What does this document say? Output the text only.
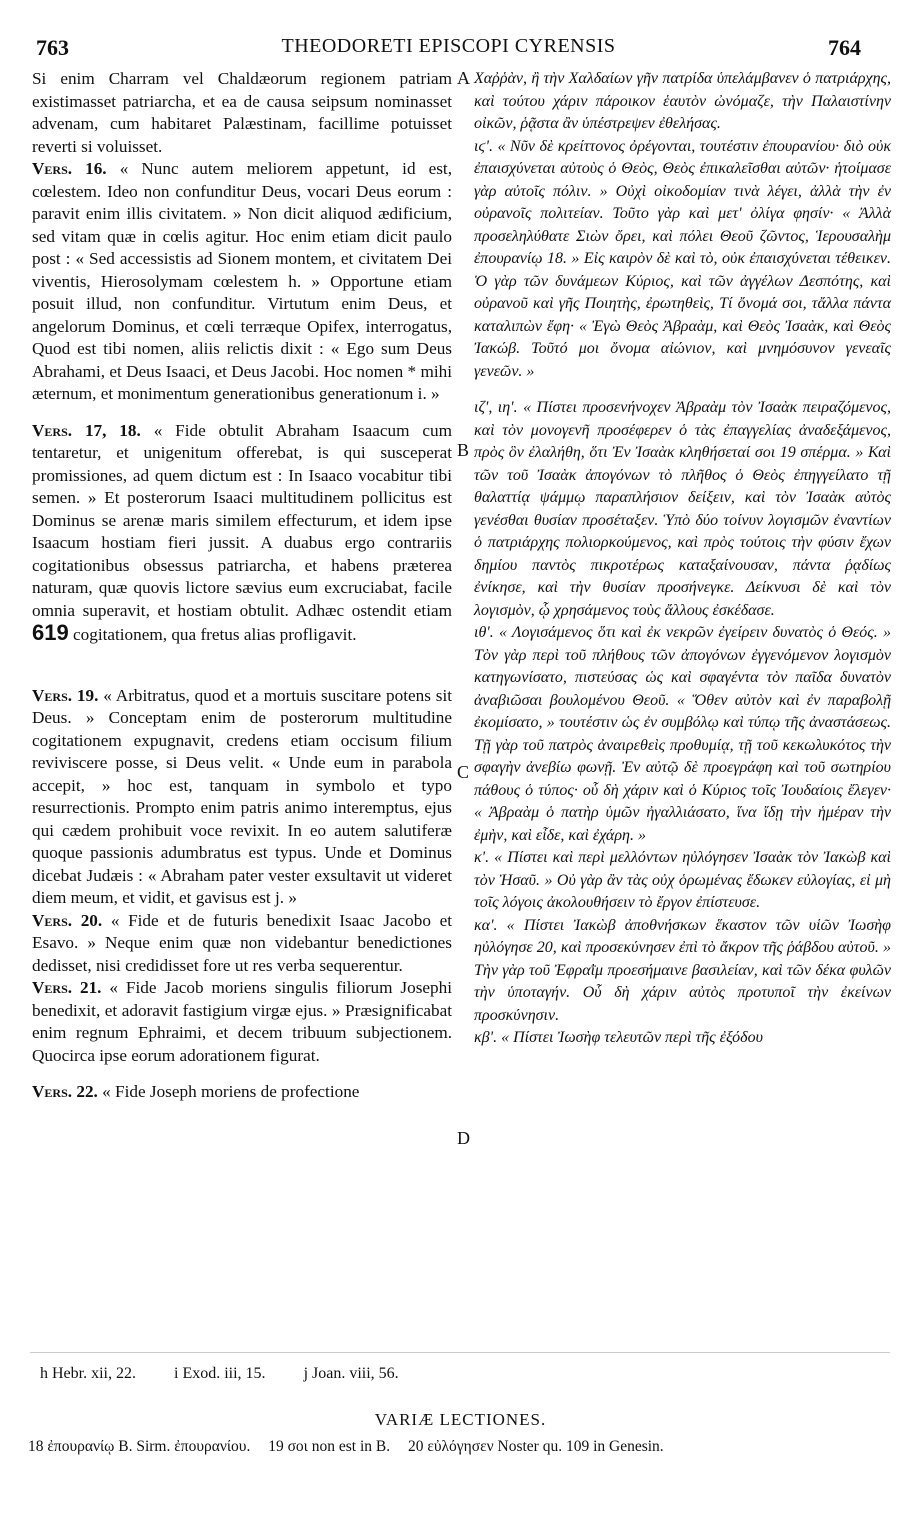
763	THEODORETI EPISCOPI CYRENSIS	764

Si enim Charram vel Chaldæorum regionem patriam existimasset patriarcha, et ea de causa seipsum nominasset advenam, cum habitaret Palæstinam, facillime potuisset reverti si voluisset.

Vers. 16. « Nunc autem meliorem appetunt, id est, cœlestem. Ideo non confunditur Deus, vocari Deus eorum : paravit enim illis civitatem. » Non dicit aliquod ædificium, sed vitam quæ in cœlis agitur. Hoc enim etiam dicit paulo post : « Sed accessistis ad Sionem montem, et civitatem Dei viventis, Hierosolymam cœlestem h. » Opportune etiam posuit illud, non confunditur. Virtutum enim Deus, et angelorum Dominus, et cœli terræque Opifex, interrogatus, Quod est tibi nomen, aliis relictis dixit : « Ego sum Deus Abrahami, et Deus Isaaci, et Deus Jacobi. Hoc nomen * mihi æternum, et monimentum generationibus generationum i. »

Vers. 17, 18. « Fide obtulit Abraham Isaacum cum tentaretur, et unigenitum offerebat, is qui susceperat promissiones, ad quem dictum est : In Isaaco vocabitur tibi semen. » Et posterorum Isaaci multitudinem pollicitus est Dominus se arenæ maris similem effecturum, et idem ipse Isaacum hostiam fieri jussit. A duabus ergo contrariis cogitationibus obsessus patriarcha, et habens præterea naturam, quæ quovis lictore sævius eum excruciabat, facile omnia superavit, et hostiam obtulit. Adhæc ostendit etiam 619 cogitationem, qua fretus alias profligavit.

Vers. 19. « Arbitratus, quod et a mortuis suscitare potens sit Deus. » Conceptam enim de posterorum multitudine cogitationem expugnavit, credens etiam occisum filium reviviscere posse, si Deus velit. « Unde eum in parabola accepit, » hoc est, tanquam in symbolo et typo resurrectionis. Prompto enim patris animo interemptus, ejus qui cædem prohibuit voce revixit. In eo autem salutiferæ quoque passionis adumbratus est typus. Unde et Dominus dicebat Judæis : « Abraham pater vester exsultavit ut videret diem meum, et vidit, et gavisus est j. »

Vers. 20. « Fide et de futuris benedixit Isaac Jacobo et Esavo. » Neque enim quæ non videbantur benedictiones dedisset, nisi credidisset fore ut res verba sequerentur.

Vers. 21. « Fide Jacob moriens singulis filiorum Josephi benedixit, et adoravit fastigium virgæ ejus. » Præsignificabat enim regnum Ephraimi, et decem tribuum subjectionem. Quocirca ipse eorum adorationem figurat.

Vers. 22. « Fide Joseph moriens de profectione

A
B
C
D

Χαῤῥὰν, ἢ τὴν Χαλδαίων γῆν πατρίδα ὑπελάμβανεν ὁ πατριάρχης, καὶ τούτου χάριν πάροικον ἑαυτὸν ὠνόμαζε, τὴν Παλαιστίνην οἰκῶν, ῥᾷστα ἂν ὑπέστρεψεν ἐθελήσας.

ιϛ'. « Νῦν δὲ κρείττονος ὀρέγονται, τουτέστιν ἐπουρανίου· διὸ οὐκ ἐπαισχύνεται αὐτοὺς ὁ Θεὸς, Θεὸς ἐπικαλεῖσθαι αὐτῶν· ἡτοίμασε γὰρ αὐτοῖς πόλιν. » Οὐχὶ οἰκοδομίαν τινὰ λέγει, ἀλλὰ τὴν ἐν οὐρανοῖς πολιτείαν. Τοῦτο γὰρ καὶ μετ' ὀλίγα φησίν· « Ἀλλὰ προσεληλύθατε Σιὼν ὄρει, καὶ πόλει Θεοῦ ζῶντος, Ἱερουσαλὴμ ἐπουρανίῳ 18. » Εἰς καιρὸν δὲ καὶ τὸ, οὐκ ἐπαισχύνεται τέθεικεν. Ὁ γὰρ τῶν δυνάμεων Κύριος, καὶ τῶν ἀγγέλων Δεσπότης, καὶ οὐρανοῦ καὶ γῆς Ποιητὴς, ἐρωτηθεὶς, Τί ὄνομά σοι, τἄλλα πάντα καταλιπὼν ἔφη· « Ἐγὼ Θεὸς Ἀβραὰμ, καὶ Θεὸς Ἰσαὰκ, καὶ Θεὸς Ἰακώβ. Τοῦτό μοι ὄνομα αἰώνιον, καὶ μνημόσυνον γενεαῖς γενεῶν. »

ιζ', ιη'. « Πίστει προσενήνοχεν Ἀβραὰμ τὸν Ἰσαὰκ πειραζόμενος, καὶ τὸν μονογενῆ προσέφερεν ὁ τὰς ἐπαγγελίας ἀναδεξάμενος, πρὸς ὃν ἐλαλήθη, ὅτι Ἐν Ἰσαὰκ κληθήσεταί σοι 19 σπέρμα. » Καὶ τῶν τοῦ Ἰσαὰκ ἀπογόνων τὸ πλῆθος ὁ Θεὸς ἐπηγγείλατο τῇ θαλαττίᾳ ψάμμῳ παραπλήσιον δείξειν, καὶ τὸν Ἰσαὰκ αὐτὸς γενέσθαι θυσίαν προσέταξεν. Ὑπὸ δύο τοίνυν λογισμῶν ἐναντίων ὁ πατριάρχης πολιορκούμενος, καὶ πρὸς τούτοις τὴν φύσιν ἔχων δημίου παντὸς πικροτέρως καταξαίνουσαν, πάντα ῥᾳδίως ἐνίκησε, καὶ τὴν θυσίαν προσήνεγκε. Δείκνυσι δὲ καὶ τὸν λογισμὸν, ᾧ χρησάμενος τοὺς ἄλλους ἐσκέδασε.

ιθ'. « Λογισάμενος ὅτι καὶ ἐκ νεκρῶν ἐγείρειν δυνατὸς ὁ Θεός. » Τὸν γὰρ περὶ τοῦ πλήθους τῶν ἀπογόνων ἐγγενόμενον λογισμὸν κατηγωνίσατο, πιστεύσας ὡς καὶ σφαγέντα τὸν παῖδα δυνατὸν ἀναβιῶσαι βουλομένου Θεοῦ. « Ὅθεν αὐτὸν καὶ ἐν παραβολῇ ἐκομίσατο, » τουτέστιν ὡς ἐν συμβόλῳ καὶ τύπῳ τῆς ἀναστάσεως. Τῇ γὰρ τοῦ πατρὸς ἀναιρεθεὶς προθυμίᾳ, τῇ τοῦ κεκωλυκότος τὴν σφαγὴν ἀνεβίω φωνῇ. Ἐν αὐτῷ δὲ προεγράφη καὶ τοῦ σωτηρίου πάθους ὁ τύπος· οὗ δὴ χάριν καὶ ὁ Κύριος τοῖς Ἰουδαίοις ἔλεγεν· « Ἀβραὰμ ὁ πατὴρ ὑμῶν ἠγαλλιάσατο, ἵνα ἴδῃ τὴν ἡμέραν τὴν ἐμὴν, καὶ εἶδε, καὶ ἐχάρη. »

κ'. « Πίστει καὶ περὶ μελλόντων ηὐλόγησεν Ἰσαὰκ τὸν Ἰακὼβ καὶ τὸν Ἠσαῦ. » Οὐ γὰρ ἂν τὰς οὐχ ὁρωμένας ἔδωκεν εὐλογίας, εἰ μὴ τοῖς λόγοις ἀκολουθήσειν τὸ ἔργον ἐπίστευσε.

κα'. « Πίστει Ἰακὼβ ἀποθνήσκων ἕκαστον τῶν υἱῶν Ἰωσὴφ ηὐλόγησε 20, καὶ προσεκύνησεν ἐπὶ τὸ ἄκρον τῆς ῥάβδου αὐτοῦ. » Τὴν γὰρ τοῦ Ἐφραῒμ προεσήμαινε βασιλείαν, καὶ τῶν δέκα φυλῶν τὴν ὑποταγήν. Οὗ δὴ χάριν αὐτὸς προτυποῖ τὴν ἐκείνων προσκύνησιν.

κβ'. « Πίστει Ἰωσὴφ τελευτῶν περὶ τῆς ἐξόδου

h Hebr. xii, 22. i Exod. iii, 15. j Joan. viii, 56.
VARIÆ LECTIONES.
18 ἐπουρανίῳ B. Sirm. ἐπουρανίου. 19 σοι non est in B. 20 εὐλόγησεν Noster qu. 109 in Genesin.
